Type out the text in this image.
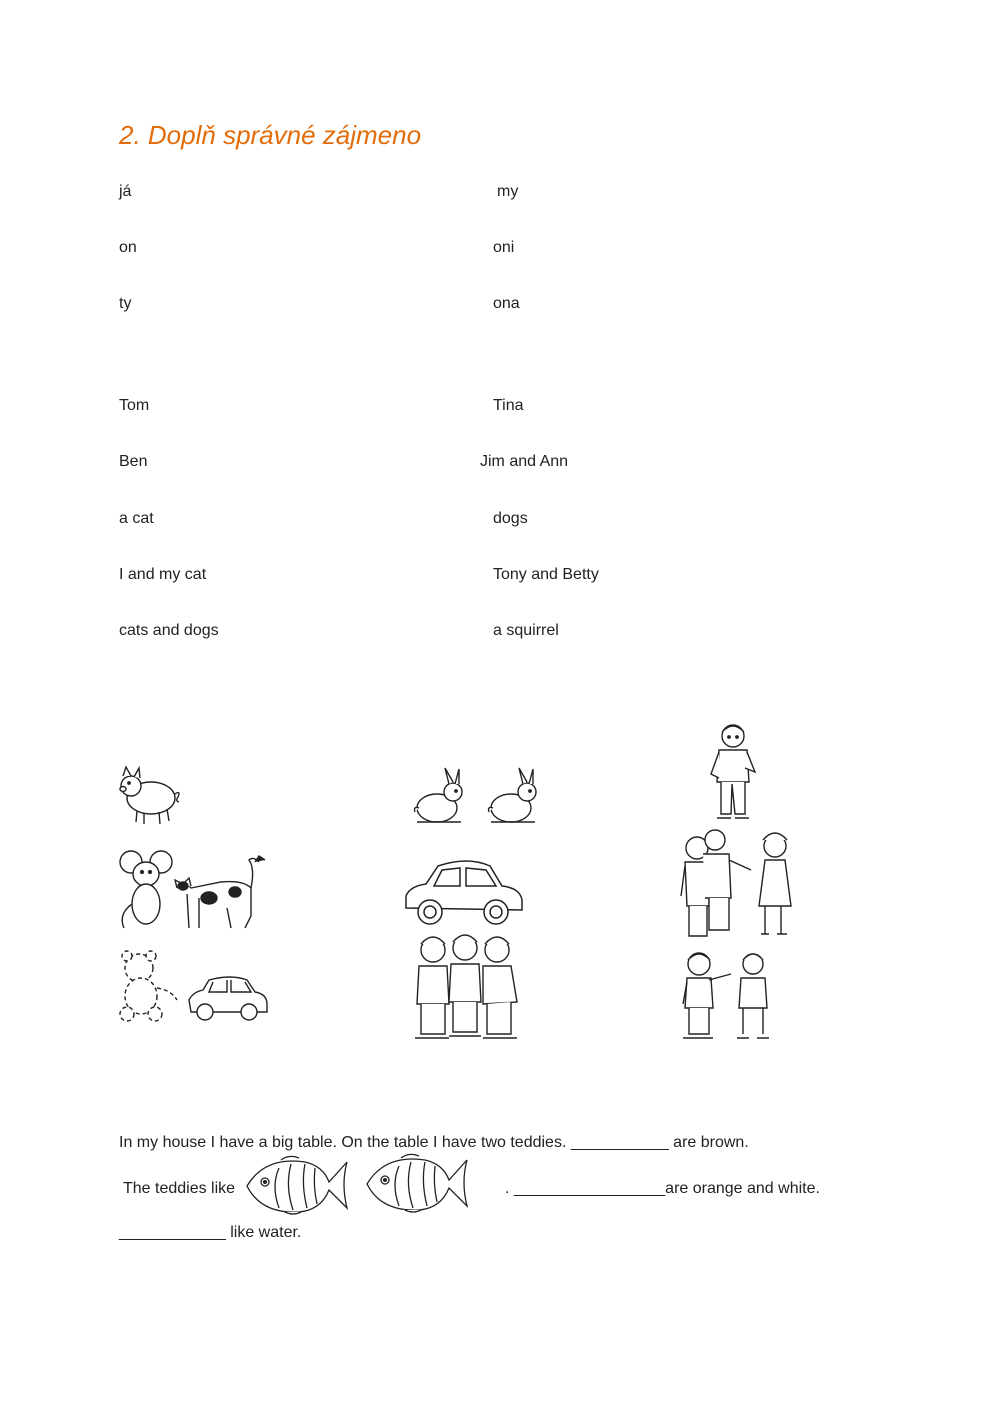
2. Doplň správné zájmeno
já
on
ty
my
oni
ona
Tom
Ben
a cat
I and my cat
cats and dogs
Tina
Jim and Ann
dogs
Tony and Betty
a squirrel
In my house I have a big table. On the table I have two teddies. ___________ are brown.
The teddies like	. _________________are orange and white.
____________ like water.
